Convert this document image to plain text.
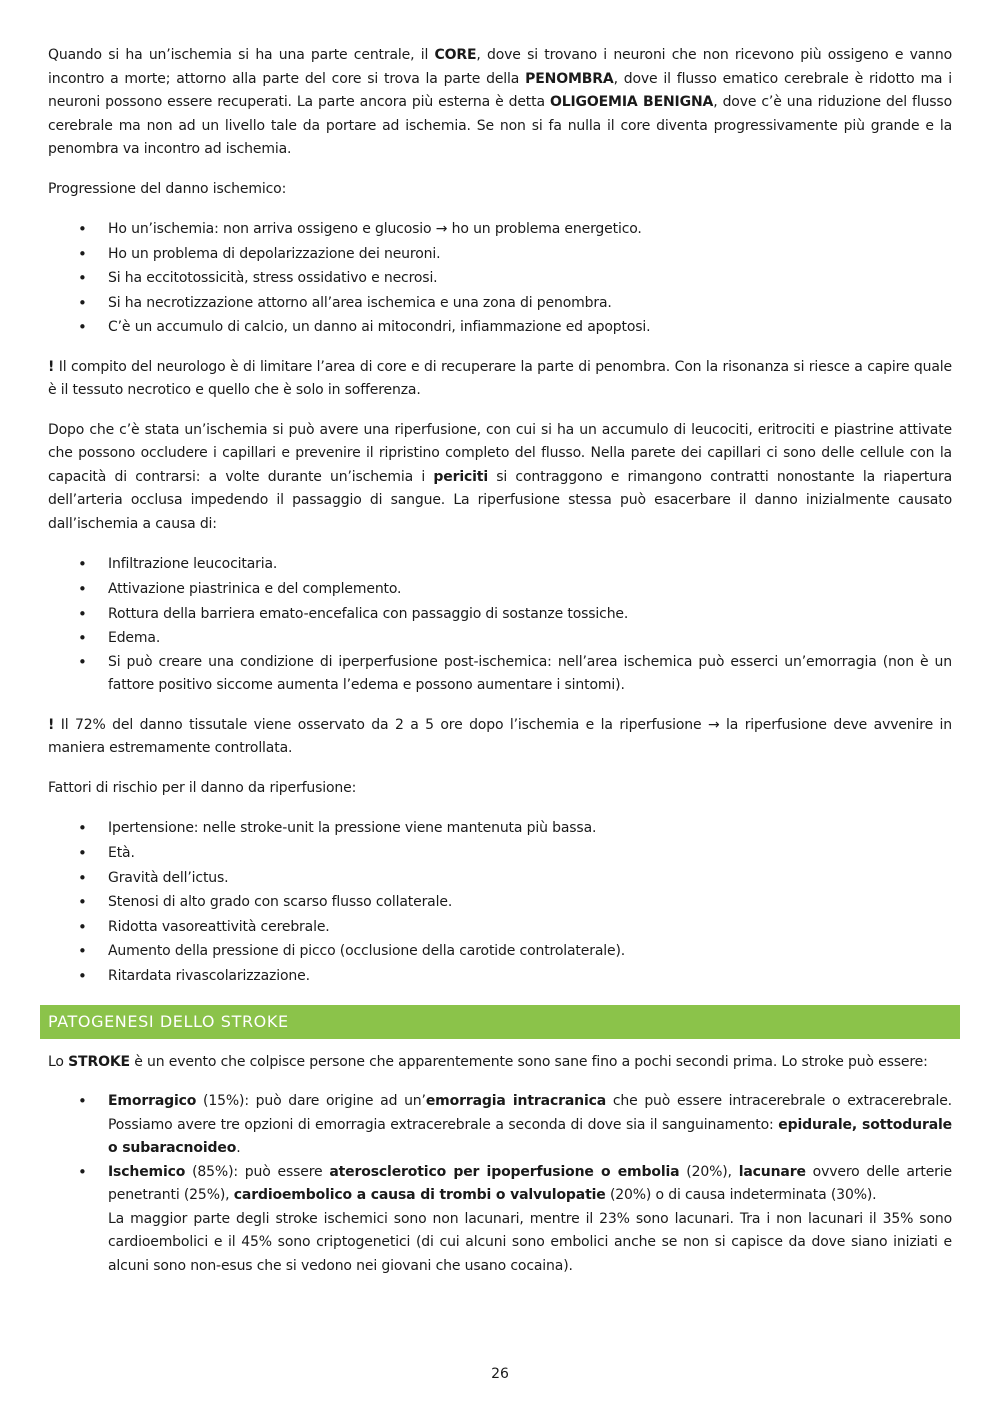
Quando si ha un’ischemia si ha una parte centrale, il CORE, dove si trovano i neuroni che non ricevono più ossigeno e vanno incontro a morte; attorno alla parte del core si trova la parte della PENOMBRA, dove il flusso ematico cerebrale è ridotto ma i neuroni possono essere recuperati. La parte ancora più esterna è detta OLIGOEMIA BENIGNA, dove c’è una riduzione del flusso cerebrale ma non ad un livello tale da portare ad ischemia. Se non si fa nulla il core diventa progressivamente più grande e la penombra va incontro ad ischemia.

Progressione del danno ischemico:

• Ho un’ischemia: non arriva ossigeno e glucosio → ho un problema energetico.
• Ho un problema di depolarizzazione dei neuroni.
• Si ha eccitotossicità, stress ossidativo e necrosi.
• Si ha necrotizzazione attorno all’area ischemica e una zona di penombra.
• C’è un accumulo di calcio, un danno ai mitocondri, infiammazione ed apoptosi.

! Il compito del neurologo è di limitare l’area di core e di recuperare la parte di penombra. Con la risonanza si riesce a capire quale è il tessuto necrotico e quello che è solo in sofferenza.

Dopo che c’è stata un’ischemia si può avere una riperfusione, con cui si ha un accumulo di leucociti, eritrociti e piastrine attivate che possono occludere i capillari e prevenire il ripristino completo del flusso. Nella parete dei capillari ci sono delle cellule con la capacità di contrarsi: a volte durante un’ischemia i periciti si contraggono e rimangono contratti nonostante la riapertura dell’arteria occlusa impedendo il passaggio di sangue. La riperfusione stessa può esacerbare il danno inizialmente causato dall’ischemia a causa di:

• Infiltrazione leucocitaria.
• Attivazione piastrinica e del complemento.
• Rottura della barriera emato-encefalica con passaggio di sostanze tossiche.
• Edema.
• Si può creare una condizione di iperperfusione post-ischemica: nell’area ischemica può esserci un’emorragia (non è un fattore positivo siccome aumenta l’edema e possono aumentare i sintomi).

! Il 72% del danno tissutale viene osservato da 2 a 5 ore dopo l’ischemia e la riperfusione → la riperfusione deve avvenire in maniera estremamente controllata.

Fattori di rischio per il danno da riperfusione:

• Ipertensione: nelle stroke-unit la pressione viene mantenuta più bassa.
• Età.
• Gravità dell’ictus.
• Stenosi di alto grado con scarso flusso collaterale.
• Ridotta vasoreattività cerebrale.
• Aumento della pressione di picco (occlusione della carotide controlaterale).
• Ritardata rivascolarizzazione.
PATOGENESI DELLO STROKE

Lo STROKE è un evento che colpisce persone che apparentemente sono sane fino a pochi secondi prima. Lo stroke può essere:

• Emorragico (15%): può dare origine ad un’emorragia intracranica che può essere intracerebrale o extracerebrale. Possiamo avere tre opzioni di emorragia extracerebrale a seconda di dove sia il sanguinamento: epidurale, sottodurale o subaracnoideo.
• Ischemico (85%): può essere aterosclerotico per ipoperfusione o embolia (20%), lacunare ovvero delle arterie penetranti (25%), cardioembolico a causa di trombi o valvulopatie (20%) o di causa indeterminata (30%).
La maggior parte degli stroke ischemici sono non lacunari, mentre il 23% sono lacunari. Tra i non lacunari il 35% sono cardioembolici e il 45% sono criptogenetici (di cui alcuni sono embolici anche se non si capisce da dove siano iniziati e alcuni sono non-esus che si vedono nei giovani che usano cocaina).
26
